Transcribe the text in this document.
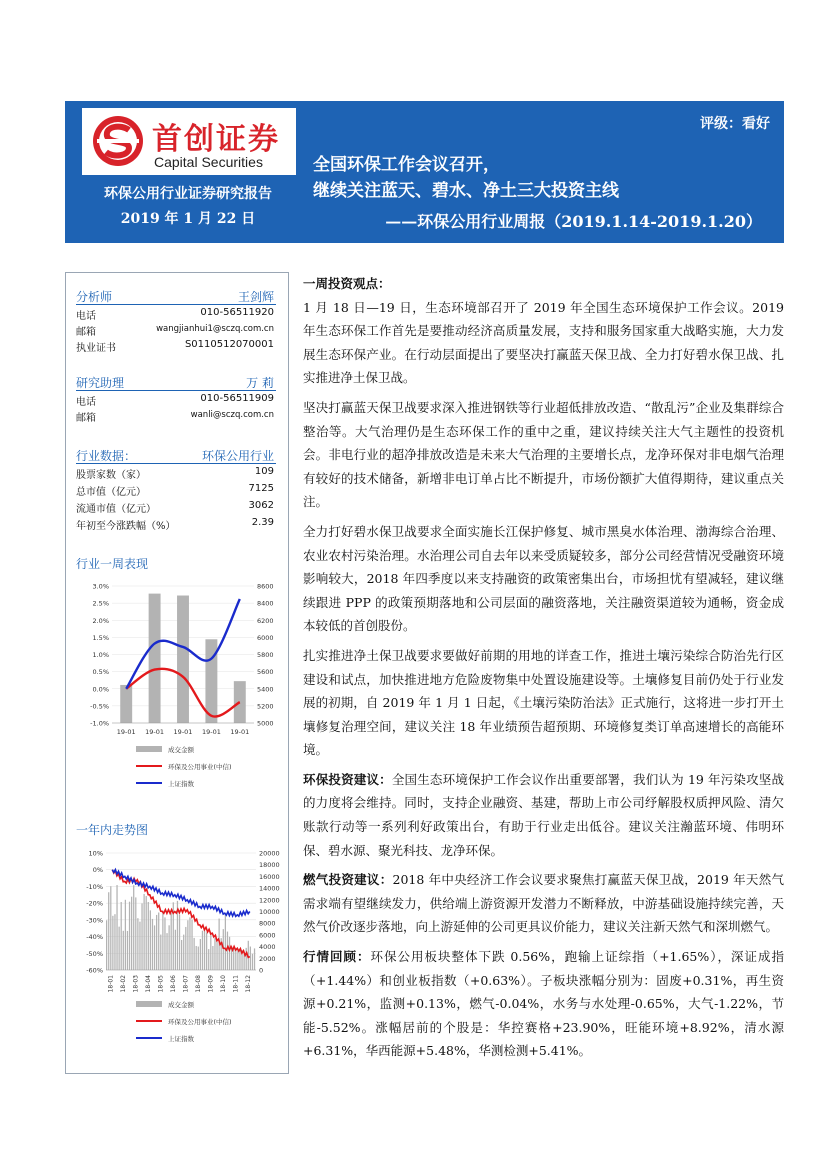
首创证券
Capital Securities
环保公用行业证券研究报告
2019 年 1 月 22 日
评级：看好
全国环保工作会议召开，
继续关注蓝天、碧水、净土三大投资主线
——环保公用行业周报（2019.1.14-2019.1.20）
分析师	王剑辉
电话	010-56511920
邮箱	wangjianhui1@sczq.com.cn
执业证书	S0110512070001
研究助理	万 莉
电话	010-56511909
邮箱	wanli@sczq.com.cn
行业数据：	环保公用行业
股票家数（家）	109
总市值（亿元）	7125
流通市值（亿元）	3062
年初至今涨跌幅（%）	2.39
行业一周表现
3.0%
2.5%
2.0%
1.5%
1.0%
0.5%
0.0%
-0.5%
-1.0%
8600
8400
6200
6000
5800
5600
5400
5200
5000
19-01 19-01 19-01 19-01 19-01
成交金额
环保及公用事业(中信)
上证指数
一年内走势图
10%
0%
-10%
-20%
-30%
-40%
-50%
-60%
20000
18000
16000
14000
12000
10000
8000
6000
4000
2000
0
18-01 18-02 18-03 18-04 18-05 18-06 18-07 18-08 18-09 18-10 18-11 18-12
成交金额
环保及公用事业(中信)
上证指数

一周投资观点：

1 月 18 日—19 日，生态环境部召开了 2019 年全国生态环境保护工作会议。2019 年生态环保工作首先是要推动经济高质量发展，支持和服务国家重大战略实施，大力发展生态环保产业。在行动层面提出了要坚决打赢蓝天保卫战、全力打好碧水保卫战、扎实推进净土保卫战。

坚决打赢蓝天保卫战要求深入推进钢铁等行业超低排放改造、“散乱污”企业及集群综合整治等。大气治理仍是生态环保工作的重中之重，建议持续关注大气主题性的投资机会。非电行业的超净排放改造是未来大气治理的主要增长点，龙净环保对非电烟气治理有较好的技术储备，新增非电订单占比不断提升，市场份额扩大值得期待，建议重点关注。

全力打好碧水保卫战要求全面实施长江保护修复、城市黑臭水体治理、渤海综合治理、农业农村污染治理。水治理公司自去年以来受质疑较多，部分公司经营情况受融资环境影响较大，2018 年四季度以来支持融资的政策密集出台，市场担忧有望减轻，建议继续跟进 PPP 的政策预期落地和公司层面的融资落地，关注融资渠道较为通畅，资金成本较低的首创股份。

扎实推进净土保卫战要求要做好前期的用地的详查工作，推进土壤污染综合防治先行区建设和试点，加快推进地方危险废物集中处置设施建设等。土壤修复目前仍处于行业发展的初期，自 2019 年 1 月 1 日起，《土壤污染防治法》正式施行，这将进一步打开土壤修复治理空间，建议关注 18 年业绩预告超预期、环境修复类订单高速增长的高能环境。

环保投资建议：全国生态环境保护工作会议作出重要部署，我们认为 19 年污染攻坚战的力度将会维持。同时，支持企业融资、基建，帮助上市公司纾解股权质押风险、清欠账款行动等一系列利好政策出台，有助于行业走出低谷。建议关注瀚蓝环境、伟明环保、碧水源、聚光科技、龙净环保。

燃气投资建议：2018 年中央经济工作会议要求聚焦打赢蓝天保卫战，2019 年天然气需求端有望继续发力，供给端上游资源开发潜力不断释放，中游基础设施持续完善，天然气价改逐步落地，向上游延伸的公司更具议价能力，建议关注新天然气和深圳燃气。

行情回顾：环保公用板块整体下跌 0.56%，跑输上证综指（+1.65%），深证成指（+1.44%）和创业板指数（+0.63%）。子板块涨幅分别为：固废+0.31%，再生资源+0.21%，监测+0.13%，燃气-0.04%，水务与水处理-0.65%，大气-1.22%，节能-5.52%。涨幅居前的个股是：华控赛格+23.90%，旺能环境+8.92%，清水源+6.31%，华西能源+5.48%，华测检测+5.41%。
